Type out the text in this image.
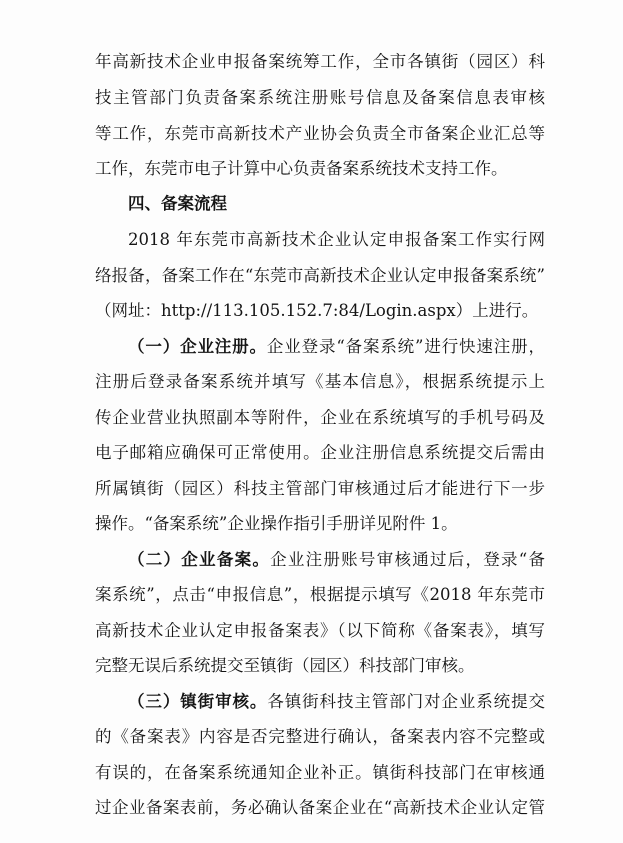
年高新技术企业申报备案统筹工作，全市各镇街（园区）科
技主管部门负责备案系统注册账号信息及备案信息表审核
等工作，东莞市高新技术产业协会负责全市备案企业汇总等
工作，东莞市电子计算中心负责备案系统技术支持工作。
四、备案流程
2018 年东莞市高新技术企业认定申报备案工作实行网
络报备，备案工作在“东莞市高新技术企业认定申报备案系统”
（网址：http://113.105.152.7:84/Login.aspx）上进行。
（一）企业注册。企业登录“备案系统”进行快速注册，
注册后登录备案系统并填写《基本信息》，根据系统提示上
传企业营业执照副本等附件，企业在系统填写的手机号码及
电子邮箱应确保可正常使用。企业注册信息系统提交后需由
所属镇街（园区）科技主管部门审核通过后才能进行下一步
操作。“备案系统”企业操作指引手册详见附件 1。
（二）企业备案。企业注册账号审核通过后，登录“备
案系统”，点击“申报信息”，根据提示填写《2018 年东莞市
高新技术企业认定申报备案表》（以下简称《备案表》，填写
完整无误后系统提交至镇街（园区）科技部门审核。
（三）镇街审核。各镇街科技主管部门对企业系统提交
的《备案表》内容是否完整进行确认，备案表内容不完整或
有误的，在备案系统通知企业补正。镇街科技部门在审核通
过企业备案表前，务必确认备案企业在“高新技术企业认定管
